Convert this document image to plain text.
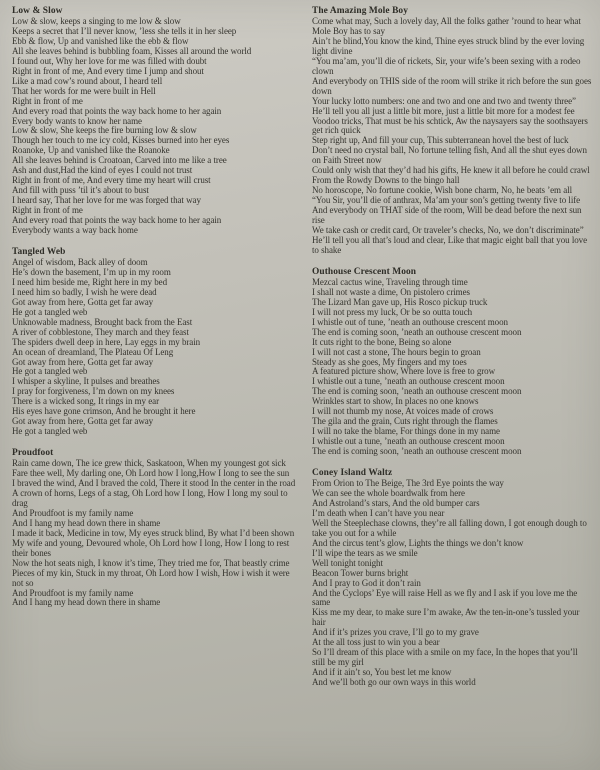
Low & Slow

Low & slow, keeps a singing to me low & slow

Keeps a secret that I’ll never know, ’less she tells it in her sleep

Ebb & flow, Up and vanished like the ebb & flow

All she leaves behind is bubbling foam, Kisses all around the world

I found out, Why her love for me was filled with doubt

Right in front of me, And every time I jump and shout

Like a mad cow’s round about, I heard tell

That her words for me were built in Hell

Right in front of me

And every road that points the way back home to her again

Every body wants to know her name

Low & slow, She keeps the fire burning low & slow

Though her touch to me icy cold, Kisses burned into her eyes

Roanoke, Up and vanished like the Roanoke

All she leaves behind is Croatoan, Carved into me like a tree

Ash and dust,Had the kind of eyes I could not trust

Right in front of me, And every time my heart will crust

And fill with puss ’til it’s about to bust

I heard say, That her love for me was forged that way

Right in front of me

And every road that points the way back home to her again

Everybody wants a way back home

Tangled Web

Angel of wisdom, Back alley of doom

He’s down the basement, I’m up in my room

I need him beside me, Right here in my bed

I need him so badly, I wish he were dead

Got away from here, Gotta get far away

He got a tangled web

Unknowable madness, Brought back from the East

A river of cobblestone, They march and they feast

The spiders dwell deep in here, Lay eggs in my brain

An ocean of dreamland, The Plateau Of Leng

Got away from here, Gotta get far away

He got a tangled web

I whisper a skyline, It pulses and breathes

I pray for forgiveness, I’m down on my knees

There is a wicked song, It rings in my ear

His eyes have gone crimson, And he brought it here

Got away from here, Gotta get far away

He got a tangled web

Proudfoot

Rain came down, The ice grew thick, Saskatoon, When my youngest got sick

Fare thee well, My darling one, Oh Lord how I long,How I long to see the sun

I braved the wind, And I braved the cold, There it stood In the center in the road

A crown of horns, Legs of a stag, Oh Lord how I long, How I long my soul to drag

And Proudfoot is my family name

And I hang my head down there in shame

I made it back, Medicine in tow, My eyes struck blind, By what I’d been shown

My wife and young, Devoured whole, Oh Lord how I long, How I long to rest their bones

Now the hot seats nigh, I know it’s time, They tried me for, That beastly crime

Pieces of my kin, Stuck in my throat, Oh Lord how I wish, How i wish it were not so

And Proudfoot is my family name

And I hang my head down there in shame

The Amazing Mole Boy

Come what may, Such a lovely day, All the folks gather ’round to hear what Mole Boy has to say

Ain’t he blind,You know the kind, Thine eyes struck blind by the ever loving light divine

“You ma’am, you’ll die of rickets, Sir, your wife’s been sexing with a rodeo clown

And everybody on THIS side of the room will strike it rich before the sun goes down

Your lucky lotto numbers: one and two and one and two and twenty three”

He’ll tell you all just a little bit more, just a little bit more for a modest fee

Voodoo tricks, That must be his schtick, Aw the naysayers say the soothsayers get rich quick

Step right up, And fill your cup, This subterranean hovel the best of luck

Don’t need no crystal ball, No fortune telling fish, And all the shut eyes down on Faith Street now

Could only wish that they’d had his gifts, He knew it all before he could crawl

From the Rowdy Downs to the bingo hall

No horoscope, No fortune cookie, Wish bone charm, No, he beats ’em all

“You Sir, you’ll die of anthrax, Ma’am your son’s getting twenty five to life

And everybody on THAT side of the room, Will be dead before the next sun rise

We take cash or credit card, Or traveler’s checks, No, we don’t discriminate”

He’ll tell you all that’s loud and clear, Like that magic eight ball that you love to shake

Outhouse Crescent Moon

Mezcal cactus wine, Traveling through time

I shall not waste a dime, On pistolero crimes

The Lizard Man gave up, His Rosco pickup truck

I will not press my luck, Or be so outta touch

I whistle out of tune, ’neath an outhouse crescent moon

The end is coming soon, ’neath an outhouse crescent moon

It cuts right to the bone, Being so alone

I will not cast a stone, The hours begin to groan

Steady as she goes, My fingers and my toes

A featured picture show, Where love is free to grow

I whistle out a tune, ’neath an outhouse crescent moon

The end is coming soon, ’neath an outhouse crescent moon

Wrinkles start to show, In places no one knows

I will not thumb my nose, At voices made of crows

The gila and the grain, Cuts right through the flames

I will no take the blame, For things done in my name

I whistle out a tune, ’neath an outhouse crescent moon

The end is coming soon, ’neath an outhouse crescent moon

Coney Island Waltz

From Orion to The Beige, The 3rd Eye points the way

We can see the whole boardwalk from here

And Astroland’s stars, And the old bumper cars

I’m death when I can’t have you near

Well the Steeplechase clowns, they’re all falling down, I got enough dough to take you out for a while

And the circus tent’s glow, Lights the things we don’t know

I’ll wipe the tears as we smile

Well tonight tonight

Beacon Tower burns bright

And I pray to God it don’t rain

And the Cyclops’ Eye will raise Hell as we fly and I ask if you love me the same

Kiss me my dear, to make sure I’m awake, Aw the ten-in-one’s tussled your hair

And if it’s prizes you crave, I’ll go to my grave

At the all toss just to win you a bear

So I’ll dream of this place with a smile on my face, In the hopes that you’ll still be my girl

And if it ain’t so, You best let me know

And we’ll both go our own ways in this world
